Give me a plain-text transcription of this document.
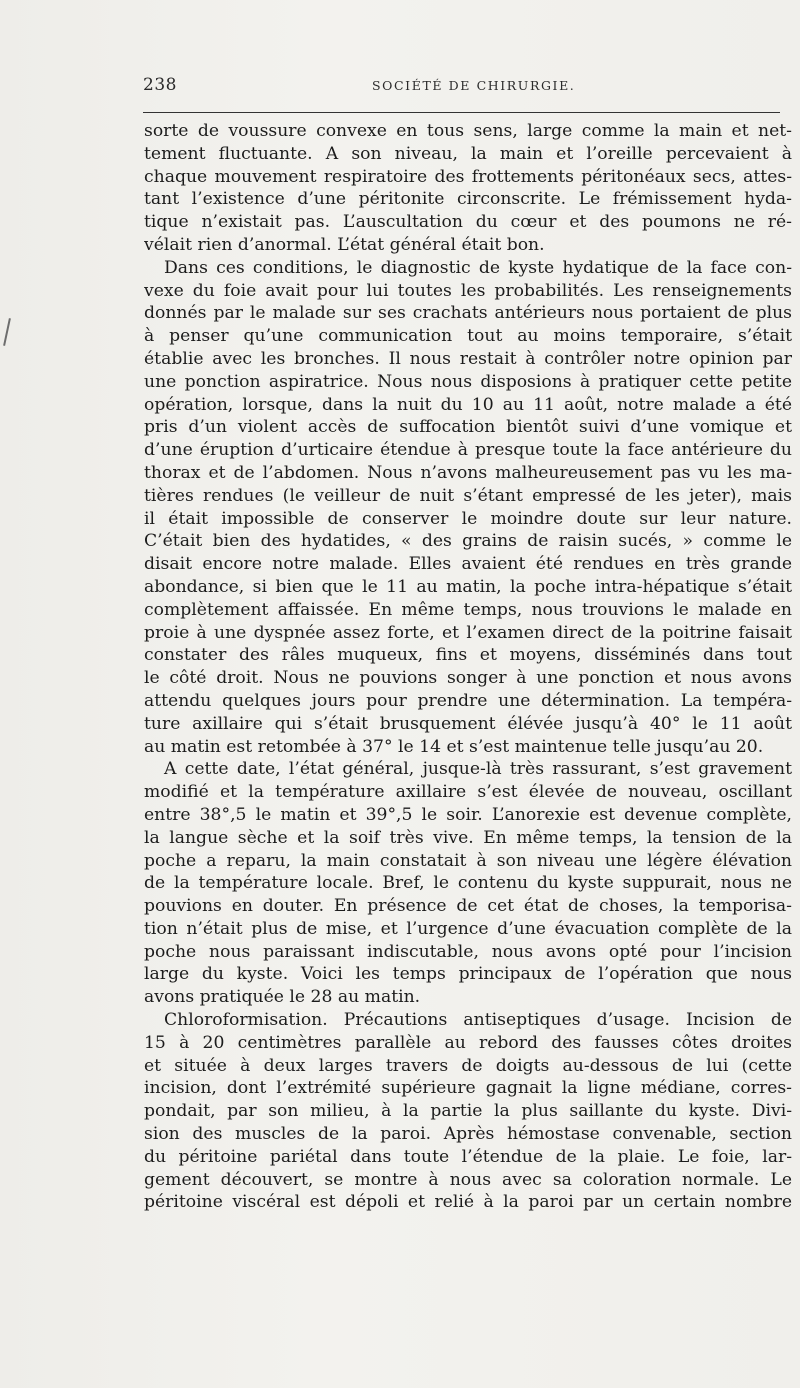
238	SOCIÉTÉ DE CHIRURGIE.
sorte de voussure convexe en tous sens, large comme la main et net-
tement fluctuante. A son niveau, la main et l’oreille percevaient à
chaque mouvement respiratoire des frottements péritonéaux secs, attes-
tant l’existence d’une péritonite circonscrite. Le frémissement hyda-
tique n’existait pas. L’auscultation du cœur et des poumons ne ré-
vélait rien d’anormal. L’état général était bon.
Dans ces conditions, le diagnostic de kyste hydatique de la face con-
vexe du foie avait pour lui toutes les probabilités. Les renseignements
donnés par le malade sur ses crachats antérieurs nous portaient de plus
à penser qu’une communication tout au moins temporaire, s’était
établie avec les bronches. Il nous restait à contrôler notre opinion par
une ponction aspiratrice. Nous nous disposions à pratiquer cette petite
opération, lorsque, dans la nuit du 10 au 11 août, notre malade a été
pris d’un violent accès de suffocation bientôt suivi d’une vomique et
d’une éruption d’urticaire étendue à presque toute la face antérieure du
thorax et de l’abdomen. Nous n’avons malheureusement pas vu les ma-
tières rendues (le veilleur de nuit s’étant empressé de les jeter), mais
il était impossible de conserver le moindre doute sur leur nature.
C’était bien des hydatides, « des grains de raisin sucés, » comme le
disait encore notre malade. Elles avaient été rendues en très grande
abondance, si bien que le 11 au matin, la poche intra-hépatique s’était
complètement affaissée. En même temps, nous trouvions le malade en
proie à une dyspnée assez forte, et l’examen direct de la poitrine faisait
constater des râles muqueux, fins et moyens, disséminés dans tout
le côté droit. Nous ne pouvions songer à une ponction et nous avons
attendu quelques jours pour prendre une détermination. La tempéra-
ture axillaire qui s’était brusquement élévée jusqu’à 40° le 11 août
au matin est retombée à 37° le 14 et s’est maintenue telle jusqu’au 20.
A cette date, l’état général, jusque-là très rassurant, s’est gravement
modifié et la température axillaire s’est élevée de nouveau, oscillant
entre 38°,5 le matin et 39°,5 le soir. L’anorexie est devenue complète,
la langue sèche et la soif très vive. En même temps, la tension de la
poche a reparu, la main constatait à son niveau une légère élévation
de la température locale. Bref, le contenu du kyste suppurait, nous ne
pouvions en douter. En présence de cet état de choses, la temporisa-
tion n’était plus de mise, et l’urgence d’une évacuation complète de la
poche nous paraissant indiscutable, nous avons opté pour l’incision
large du kyste. Voici les temps principaux de l’opération que nous
avons pratiquée le 28 au matin.
Chloroformisation. Précautions antiseptiques d’usage. Incision de
15 à 20 centimètres parallèle au rebord des fausses côtes droites
et située à deux larges travers de doigts au-dessous de lui (cette
incision, dont l’extrémité supérieure gagnait la ligne médiane, corres-
pondait, par son milieu, à la partie la plus saillante du kyste. Divi-
sion des muscles de la paroi. Après hémostase convenable, section
du péritoine pariétal dans toute l’étendue de la plaie. Le foie, lar-
gement découvert, se montre à nous avec sa coloration normale. Le
péritoine viscéral est dépoli et relié à la paroi par un certain nombre
